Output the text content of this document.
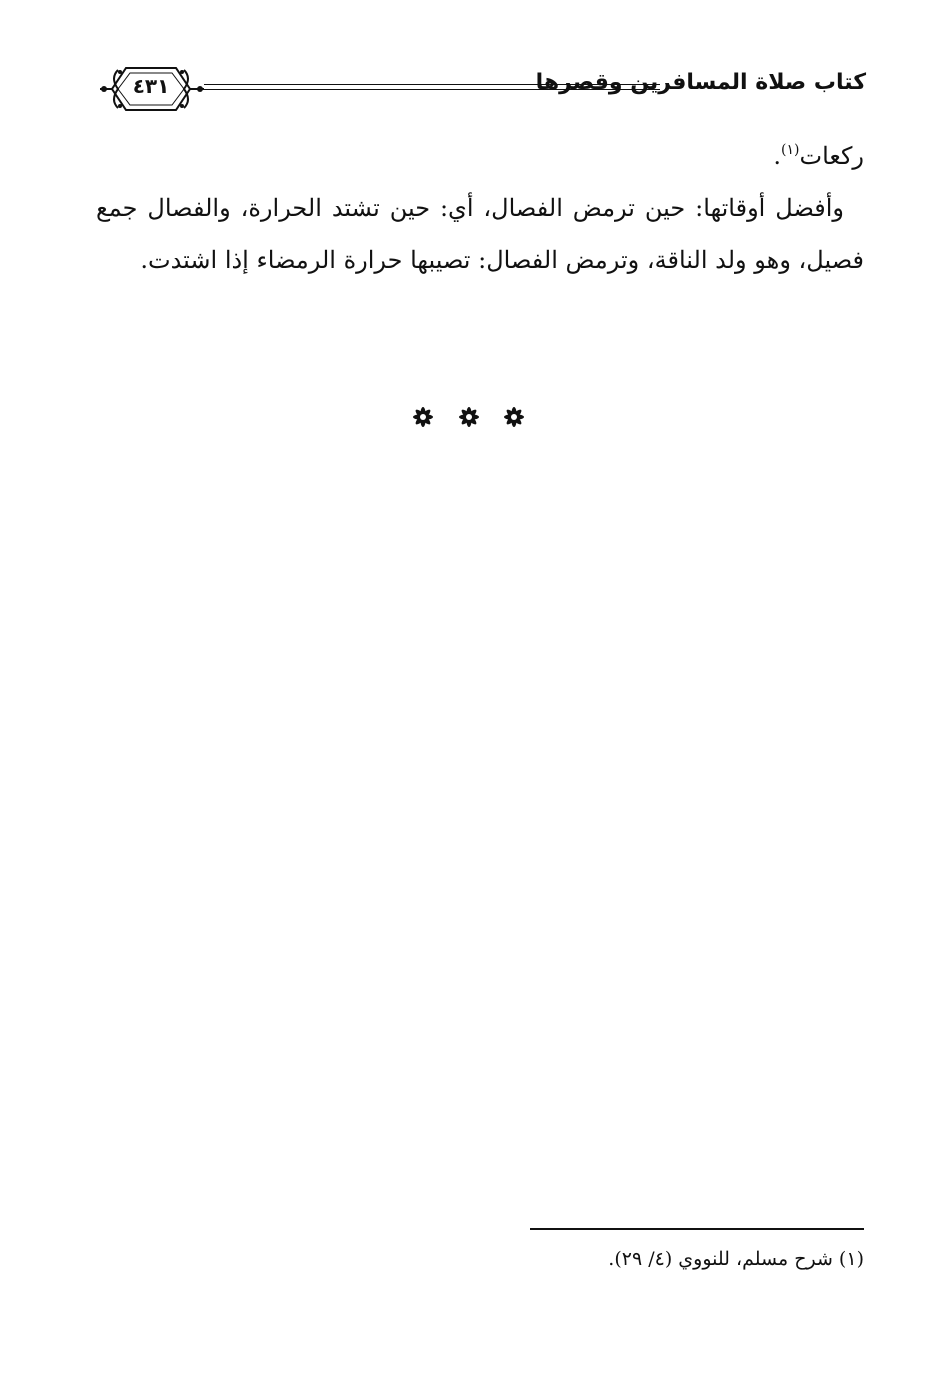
كتاب صلاة المسافرين وقصرها
٤٣١

ركعات$^{(١)}$.

وأفضل أوقاتها: حين ترمض الفصال، أي: حين تشتد الحرارة، والفصال جمع فصيل، وهو ولد الناقة، وترمض الفصال: تصيبها حرارة الرمضاء إذا اشتدت.

(١) شرح مسلم، للنووي (٤/ ٢٩).
